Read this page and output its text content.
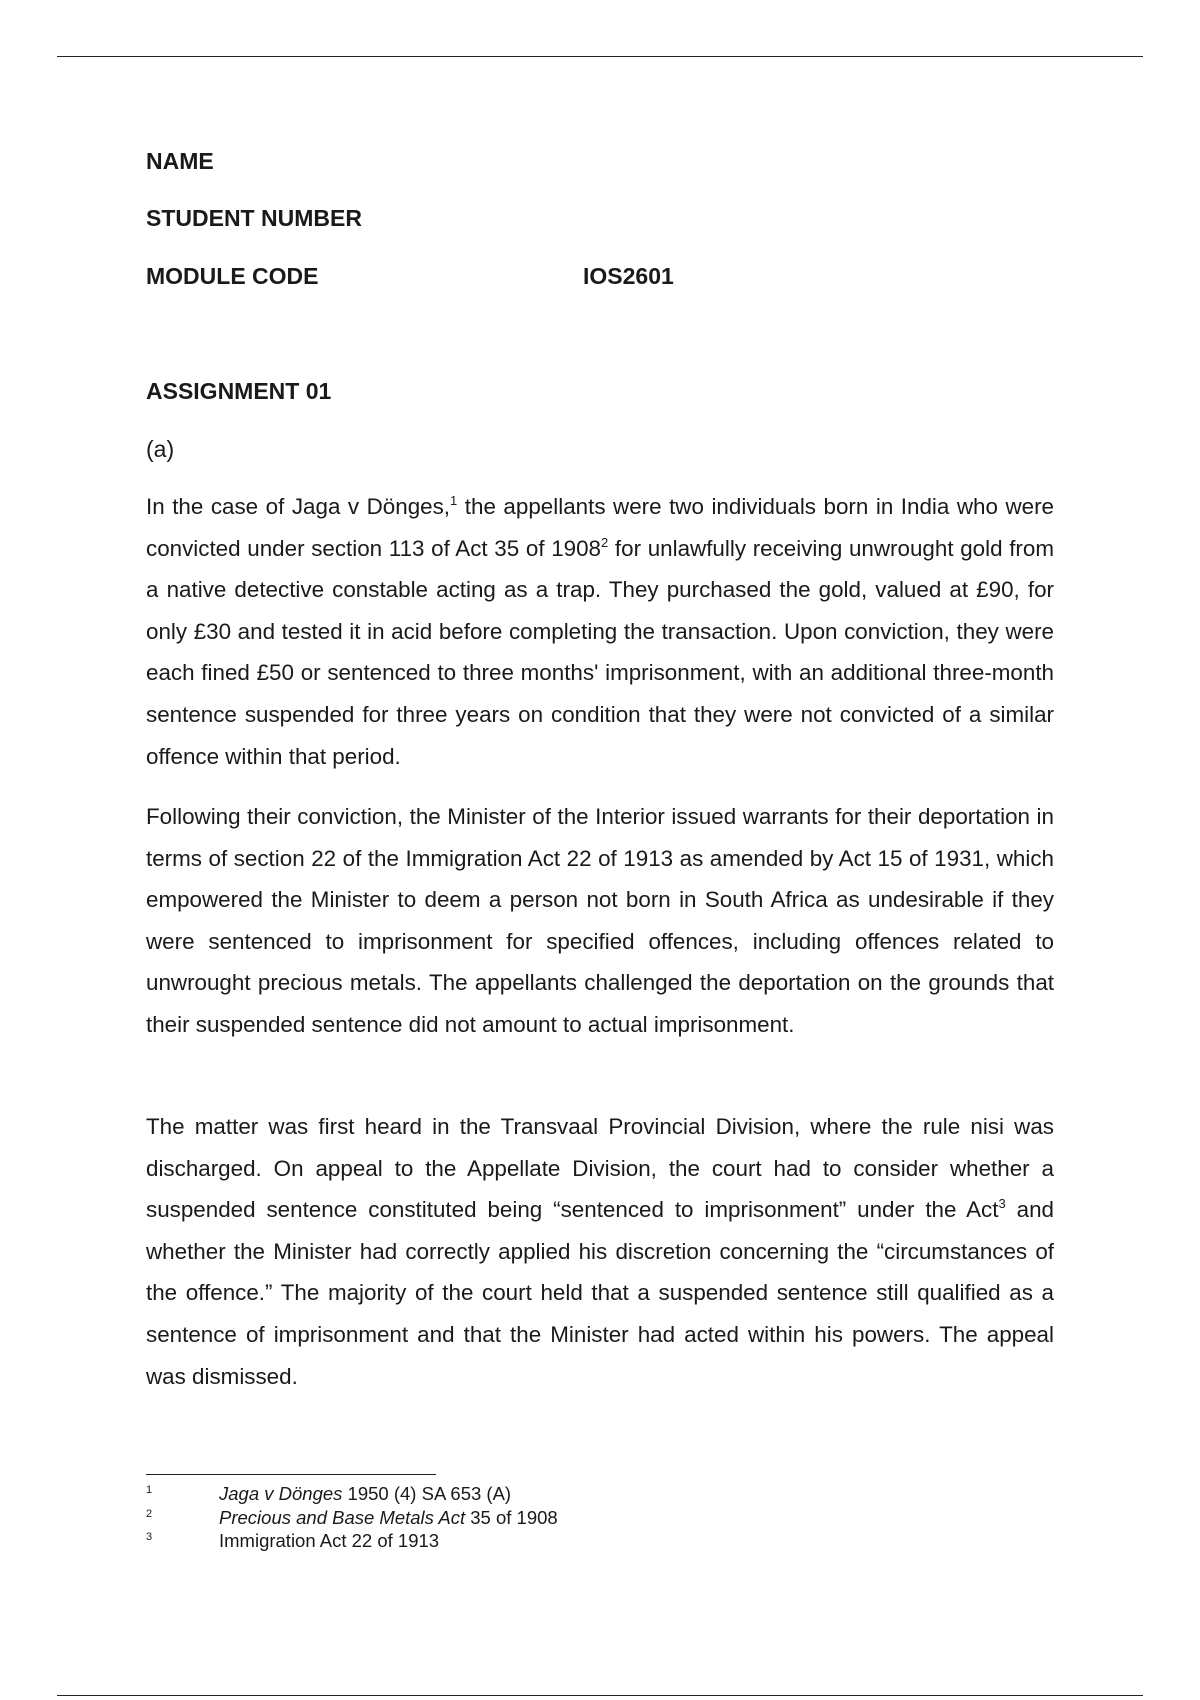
NAME
STUDENT NUMBER
MODULE CODE	IOS2601
ASSIGNMENT 01
(a)

In the case of Jaga v Dönges,$^1$ the appellants were two individuals born in India who were convicted under section 113 of Act 35 of 1908$^2$ for unlawfully receiving unwrought gold from a native detective constable acting as a trap. They purchased the gold, valued at £90, for only £30 and tested it in acid before completing the transaction. Upon conviction, they were each fined £50 or sentenced to three months' imprisonment, with an additional three-month sentence suspended for three years on condition that they were not convicted of a similar offence within that period.

Following their conviction, the Minister of the Interior issued warrants for their deportation in terms of section 22 of the Immigration Act 22 of 1913 as amended by Act 15 of 1931, which empowered the Minister to deem a person not born in South Africa as undesirable if they were sentenced to imprisonment for specified offences, including offences related to unwrought precious metals. The appellants challenged the deportation on the grounds that their suspended sentence did not amount to actual imprisonment.

The matter was first heard in the Transvaal Provincial Division, where the rule nisi was discharged. On appeal to the Appellate Division, the court had to consider whether a suspended sentence constituted being “sentenced to imprisonment” under the Act$^3$ and whether the Minister had correctly applied his discretion concerning the “circumstances of the offence.” The majority of the court held that a suspended sentence still qualified as a sentence of imprisonment and that the Minister had acted within his powers. The appeal was dismissed.

1	Jaga v Dönges 1950 (4) SA 653 (A)
2	Precious and Base Metals Act 35 of 1908
3	Immigration Act 22 of 1913
